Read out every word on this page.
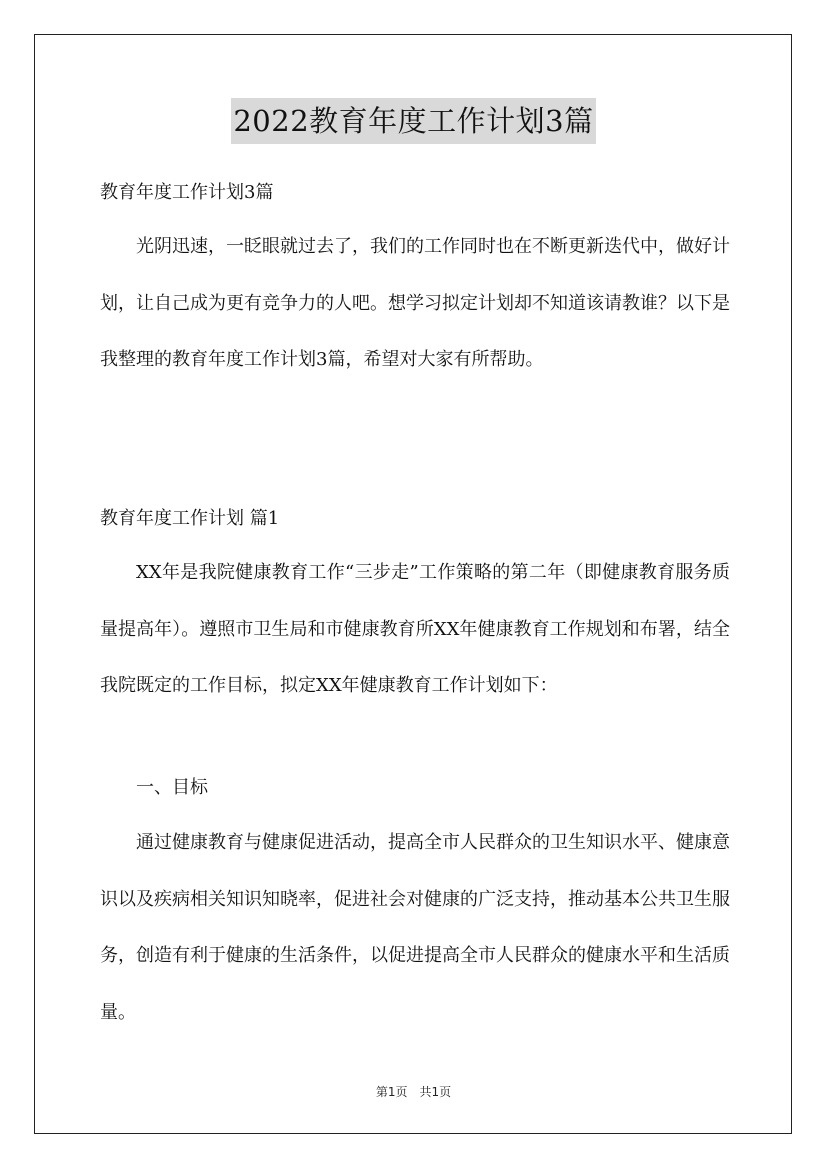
2022教育年度工作计划3篇
教育年度工作计划3篇

光阴迅速，一眨眼就过去了，我们的工作同时也在不断更新迭代中，做好计划，让自己成为更有竞争力的人吧。想学习拟定计划却不知道该请教谁？以下是我整理的教育年度工作计划3篇，希望对大家有所帮助。

教育年度工作计划 篇1

XX年是我院健康教育工作“三步走”工作策略的第二年（即健康教育服务质量提高年）。遵照市卫生局和市健康教育所XX年健康教育工作规划和布署，结全我院既定的工作目标，拟定XX年健康教育工作计划如下：

一、目标

通过健康教育与健康促进活动，提高全市人民群众的卫生知识水平、健康意识以及疾病相关知识知晓率，促进社会对健康的广泛支持，推动基本公共卫生服务，创造有利于健康的生活条件，以促进提高全市人民群众的健康水平和生活质量。

第1页　共1页
